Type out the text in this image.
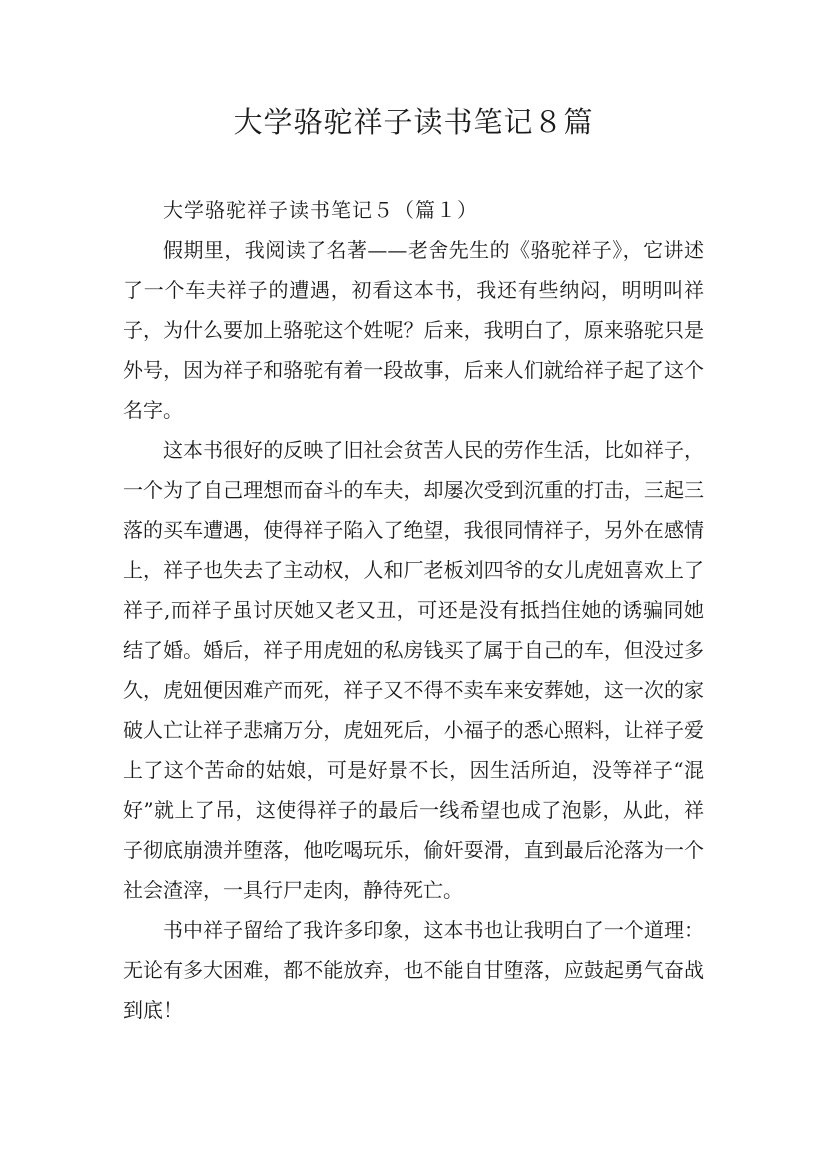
大学骆驼祥子读书笔记８篇

大学骆驼祥子读书笔记５（篇１）

假期里，我阅读了名著——老舍先生的《骆驼祥子》，它讲述了一个车夫祥子的遭遇，初看这本书，我还有些纳闷，明明叫祥子，为什么要加上骆驼这个姓呢？后来，我明白了，原来骆驼只是外号，因为祥子和骆驼有着一段故事，后来人们就给祥子起了这个名字。

这本书很好的反映了旧社会贫苦人民的劳作生活，比如祥子，一个为了自己理想而奋斗的车夫，却屡次受到沉重的打击，三起三落的买车遭遇，使得祥子陷入了绝望，我很同情祥子，另外在感情上，祥子也失去了主动权，人和厂老板刘四爷的女儿虎妞喜欢上了祥子,而祥子虽讨厌她又老又丑，可还是没有抵挡住她的诱骗同她结了婚。婚后，祥子用虎妞的私房钱买了属于自己的车，但没过多久，虎妞便因难产而死，祥子又不得不卖车来安葬她，这一次的家破人亡让祥子悲痛万分，虎妞死后，小福子的悉心照料，让祥子爱上了这个苦命的姑娘，可是好景不长，因生活所迫，没等祥子“混好”就上了吊，这使得祥子的最后一线希望也成了泡影，从此，祥子彻底崩溃并堕落，他吃喝玩乐，偷奸耍滑，直到最后沦落为一个社会渣滓，一具行尸走肉，静待死亡。

书中祥子留给了我许多印象，这本书也让我明白了一个道理：无论有多大困难，都不能放弃，也不能自甘堕落，应鼓起勇气奋战到底！
